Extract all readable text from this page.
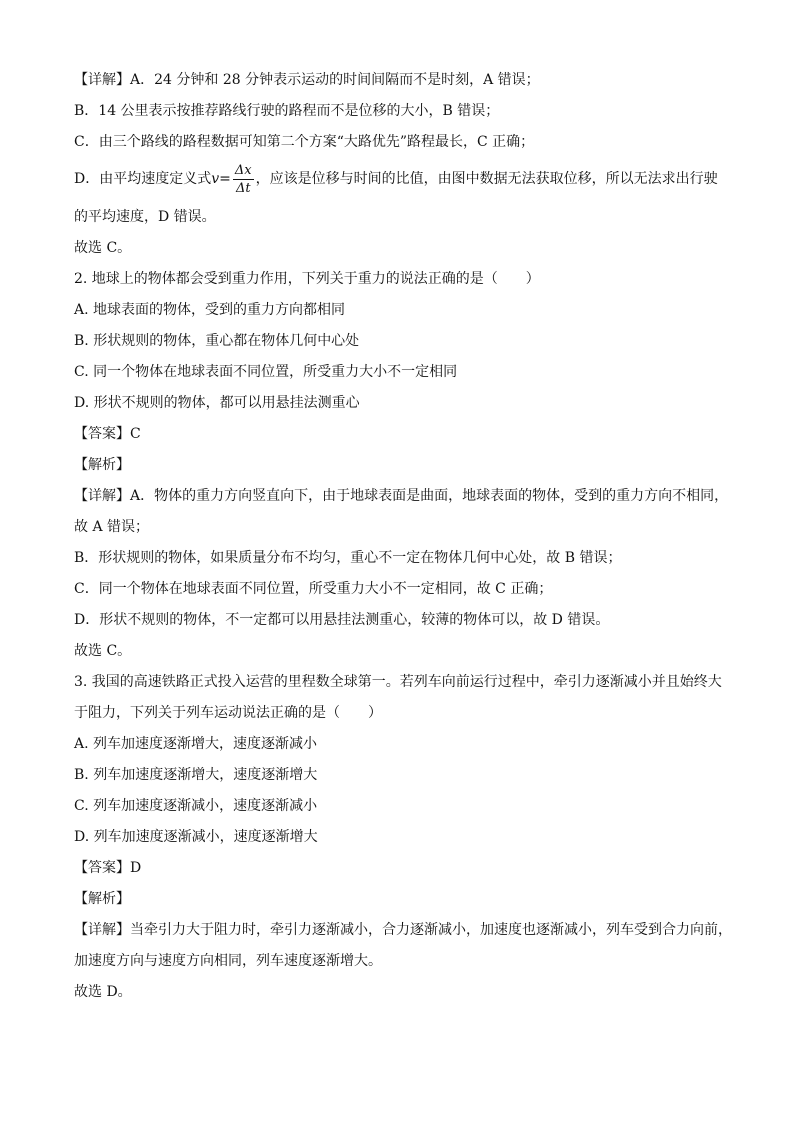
【详解】A．24 分钟和 28 分钟表示运动的时间间隔而不是时刻，A 错误；
B．14 公里表示按推荐路线行驶的路程而不是位移的大小，B 错误；
C．由三个路线的路程数据可知第二个方案“大路优先”路程最长，C 正确；
D．由平均速度定义式 $v = \frac{\Delta x}{\Delta t}$ ，应该是位移与时间的比值，由图中数据无法获取位移，所以无法求出行驶
的平均速度，D 错误。
故选 C。
2. 地球上的物体都会受到重力作用，下列关于重力的说法正确的是（　　）
A. 地球表面的物体，受到的重力方向都相同
B. 形状规则的物体，重心都在物体几何中心处
C. 同一个物体在地球表面不同位置，所受重力大小不一定相同
D. 形状不规则的物体，都可以用悬挂法测重心
【答案】C
【解析】
【详解】A．物体的重力方向竖直向下，由于地球表面是曲面，地球表面的物体，受到的重力方向不相同，
故 A 错误；
B．形状规则的物体，如果质量分布不均匀，重心不一定在物体几何中心处，故 B 错误；
C．同一个物体在地球表面不同位置，所受重力大小不一定相同，故 C 正确；
D．形状不规则的物体，不一定都可以用悬挂法测重心，较薄的物体可以，故 D 错误。
故选 C。
3. 我国的高速铁路正式投入运营的里程数全球第一。若列车向前运行过程中，牵引力逐渐减小并且始终大
于阻力，下列关于列车运动说法正确的是（　　）
A. 列车加速度逐渐增大，速度逐渐减小
B. 列车加速度逐渐增大，速度逐渐增大
C. 列车加速度逐渐减小，速度逐渐减小
D. 列车加速度逐渐减小，速度逐渐增大
【答案】D
【解析】
【详解】当牵引力大于阻力时，牵引力逐渐减小，合力逐渐减小，加速度也逐渐减小，列车受到合力向前，
加速度方向与速度方向相同，列车速度逐渐增大。
故选 D。
